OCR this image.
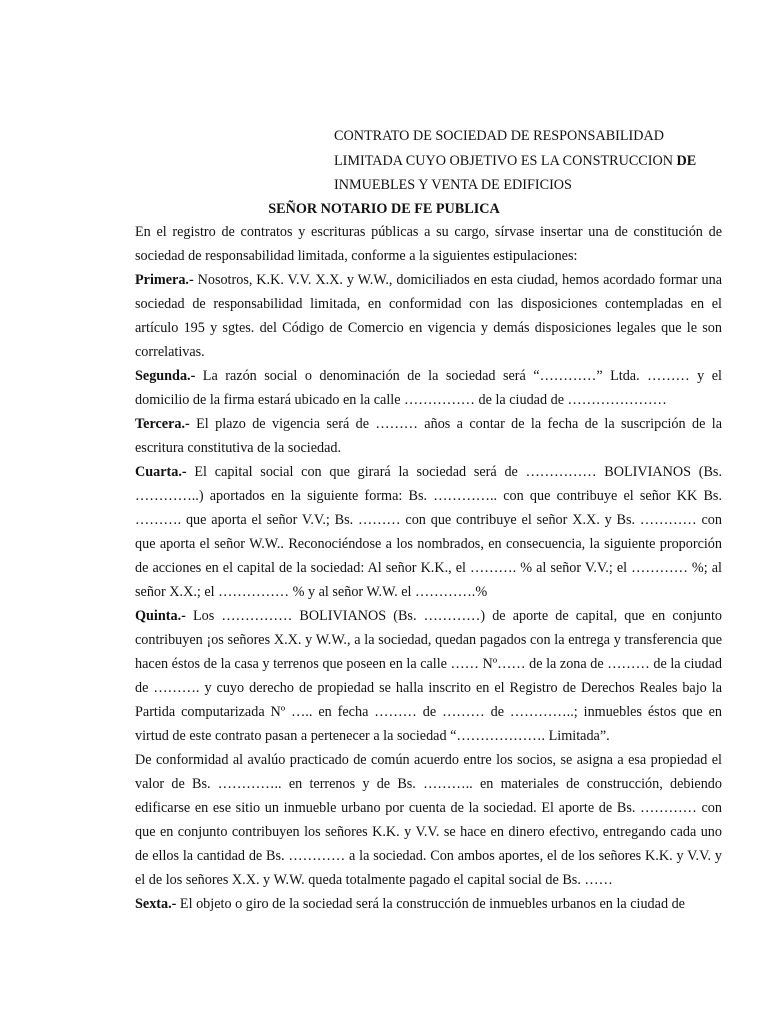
CONTRATO DE SOCIEDAD DE RESPONSABILIDAD
LIMITADA CUYO OBJETIVO ES LA CONSTRUCCION DE
INMUEBLES Y VENTA DE EDIFICIOS
SEÑOR NOTARIO DE FE PUBLICA

En el registro de contratos y escrituras públicas a su cargo, sírvase insertar una de constitución de sociedad de responsabilidad limitada, conforme a la siguientes estipulaciones:

Primera.- Nosotros, K.K. V.V. X.X. y W.W., domiciliados en esta ciudad, hemos acordado formar una sociedad de responsabilidad limitada, en conformidad con las disposiciones contempladas en el artículo 195 y sgtes. del Código de Comercio en vigencia y demás disposiciones legales que le son correlativas.

Segunda.- La razón social o denominación de la sociedad será “…………” Ltda. ……… y el domicilio de la firma estará ubicado en la calle …………… de la ciudad de …………………

Tercera.- El plazo de vigencia será de ……… años a contar de la fecha de la suscripción de la escritura constitutiva de la sociedad.

Cuarta.- El capital social con que girará la sociedad será de …………… BOLIVIANOS (Bs. …………..) aportados en la siguiente forma: Bs. ………….. con que contribuye el señor KK Bs. ………. que aporta el señor V.V.; Bs. ……… con que contribuye el señor X.X. y Bs. ………… con que aporta el señor W.W.. Reconociéndose a los nombrados, en consecuencia, la siguiente proporción de acciones en el capital de la sociedad: Al señor K.K., el ………. % al señor V.V.; el ………… %; al señor X.X.; el …………… % y al señor W.W. el ………….%

Quinta.- Los …………… BOLIVIANOS (Bs. …………) de aporte de capital, que en conjunto contribuyen ¡os señores X.X. y W.W., a la sociedad, quedan pagados con la entrega y transferencia que hacen éstos de la casa y terrenos que poseen en la calle …… Nº…… de la zona de ……… de la ciudad de ………. y cuyo derecho de propiedad se halla inscrito en el Registro de Derechos Reales bajo la Partida computarizada Nº ….. en fecha ……… de ……… de …………..; inmuebles éstos que en virtud de este contrato pasan a pertenecer a la sociedad “………………. Limitada”.

De conformidad al avalúo practicado de común acuerdo entre los socios, se asigna a esa propiedad el valor de Bs. ………….. en terrenos y de Bs. ……….. en materiales de construcción, debiendo edificarse en ese sitio un inmueble urbano por cuenta de la sociedad. El aporte de Bs. ………… con que en conjunto contribuyen los señores K.K. y V.V. se hace en dinero efectivo, entregando cada uno de ellos la cantidad de Bs. ………… a la sociedad. Con ambos aportes, el de los señores K.K. y V.V. y el de los señores X.X. y W.W. queda totalmente pagado el capital social de Bs. ……

Sexta.- El objeto o giro de la sociedad será la construcción de inmuebles urbanos en la ciudad de
